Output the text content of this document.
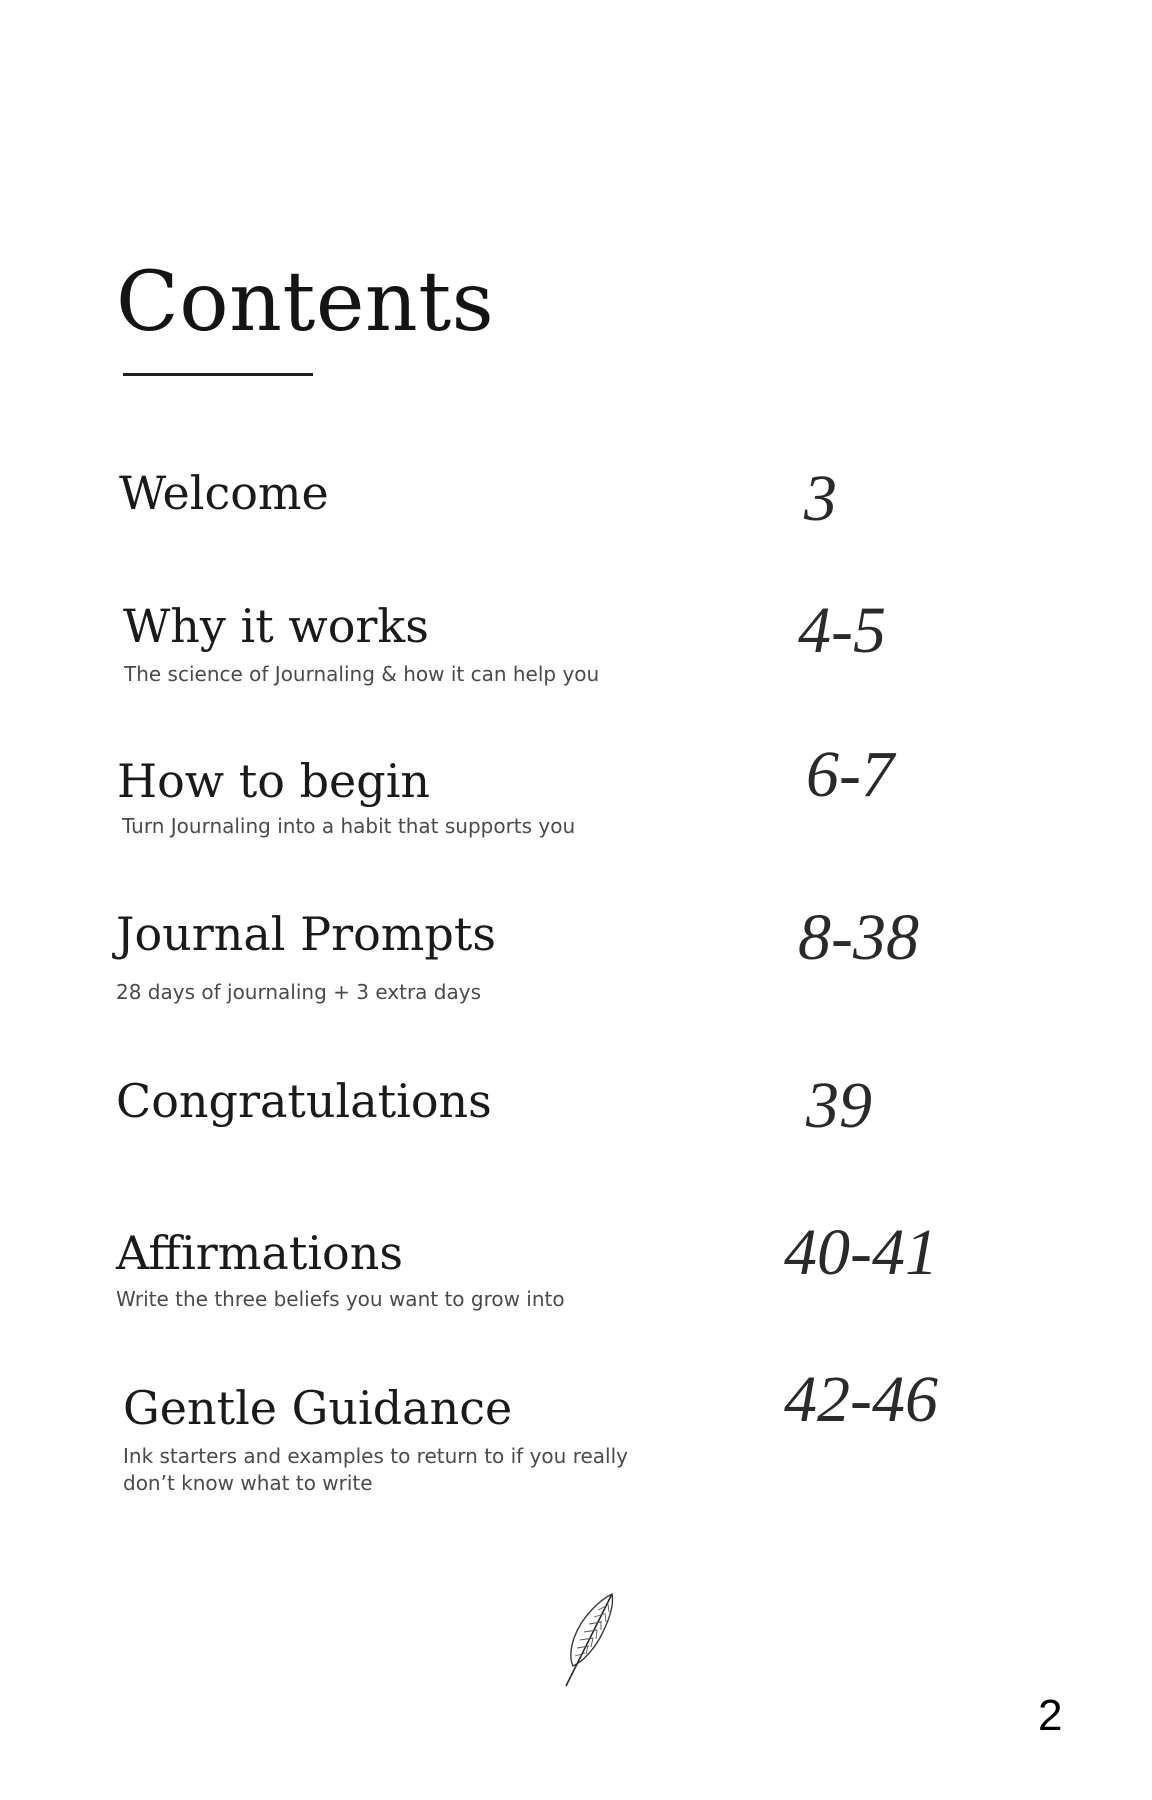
Contents
Welcome	3
Why it works
The science of Journaling & how it can help you
4-5
How to begin
Turn Journaling into a habit that supports you
6-7
Journal Prompts
28 days of journaling + 3 extra days
8-38
Congratulations	39
Affirmations
Write the three beliefs you want to grow into
40-41
Gentle Guidance
Ink starters and examples to return to if you really don’t know what to write
42-46
2
